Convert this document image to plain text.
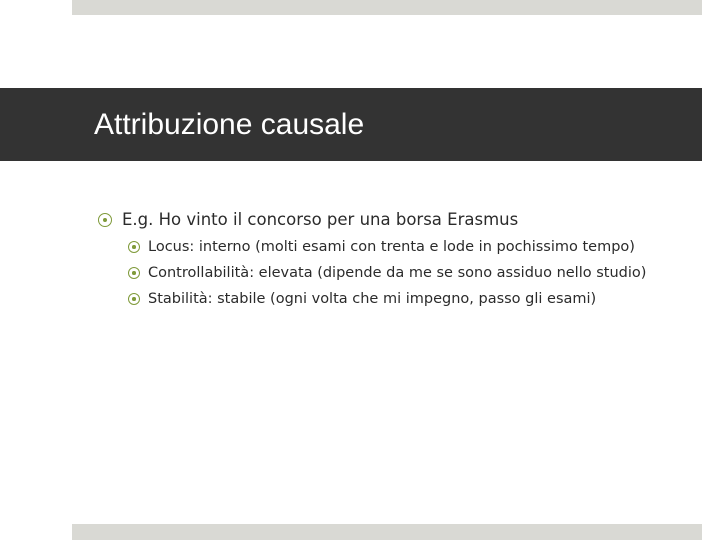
Attribuzione causale
E.g. Ho vinto il concorso per una borsa Erasmus
Locus: interno (molti esami con trenta e lode in pochissimo tempo)
Controllabilità: elevata (dipende da me se sono assiduo nello studio)
Stabilità: stabile (ogni volta che mi impegno, passo gli esami)
